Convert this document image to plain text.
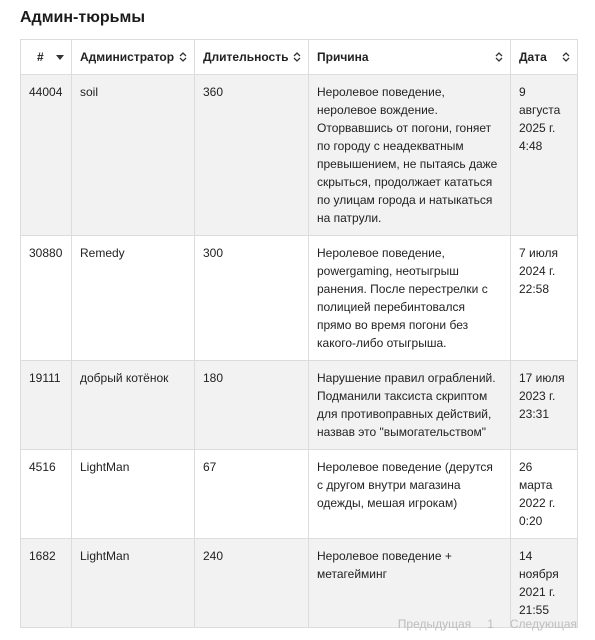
Админ-тюрьмы
#	Администратор	Длительность	Причина	Дата

44004	soil	360	Неролевое поведение, неролевое вождение. Оторвавшись от погони, гоняет по городу с неадекватным превышением, не пытаясь даже скрыться, продолжает кататься по улицам города и натыкаться на патрули.	9 августа 2025 г. 4:48
30880	Remedy	300	Неролевое поведение, powergaming, неотыгрыш ранения. После перестрелки с полицией перебинтовался прямо во время погони без какого-либо отыгрыша.	7 июля 2024 г. 22:58
19111	добрый котёнок	180	Нарушение правил ограблений. Подманили таксиста скриптом для противоправных действий, назвав это "вымогательством"	17 июля 2023 г. 23:31
4516	LightMan	67	Неролевое поведение (дерутся с другом внутри магазина одежды, мешая игрокам)	26 марта 2022 г. 0:20
1682	LightMan	240	Неролевое поведение + метагейминг	14 ноября 2021 г. 21:55
Предыдущая 1 Следующая
